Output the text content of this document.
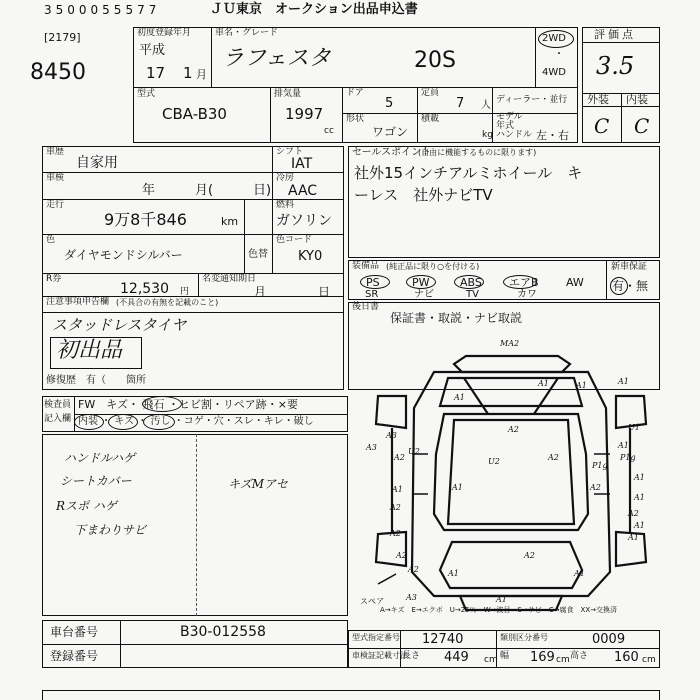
3500055577	ＪＵ東京　オークション出品申込書
[2179]
8450
初度登録年月
平成
17 1 月
車名・グレード
ラフェスタ	20S
2WD
・
4WD
評価点
3.5
外装 内装
C C
型式
CBA-B30
排気量
1997
cc
ドア
5
定員
7 人
形状
ワゴン
積載
kg
ディーラー・並行
モデル
年式
ハンドル 左・右
車歴
自家用
シフト
IAT
車検
年	月(	日)
冷房
AAC
走行
9万8千846	km
燃料
ガソリン
色
ダイヤモンドシルバー	色替
色コード
KY0
R券
12,530 円
名変通知期日
月	日
注意事項申告欄 (不具合の有無を記載のこと)
スタッドレスタイヤ
初出品
修復歴　有（ 箇所
セールスポイント
(自由に機能するものに限ります)
社外15インチアルミホイール　キ
ーレス　社外ナビTV
装備品 (純正品に限り○を付ける)	新車保証
有・無
PS	PW	ABS エアB AW
SR	ナビ	TV	カワ
後日書
保証書・取説・ナビ取説
検査員
記入欄
FW　キズ・ 飛石 ・ヒビ割・リペア跡・×要
内装 ・ キズ ・ 汚し ・コゲ・穴・スレ・キレ・破し
ハンドルハゲ
シートカバー
Rスポ ハゲ
下まわりサビ
キズMアセ
MA2
A1
A1
A3
A2
A1
U2	P1g
A1
A1
A2
A1
A1
A2
A2
A2
A2
A3	A1
A1
A2
A2
A3	A1
A2
A2
P1g
A1
A1
U2
U1
A1	A1
スペア
A→キズ　E→エクボ　U→25％　W→波目　S→サビ　C→腐食　XX→交換済
車台番号	B30-012558
登録番号
型式指定番号 12740	類別区分番号	0009
車検証記載寸法
長さ 449 cm 幅 169 cm 高さ 160 cm
